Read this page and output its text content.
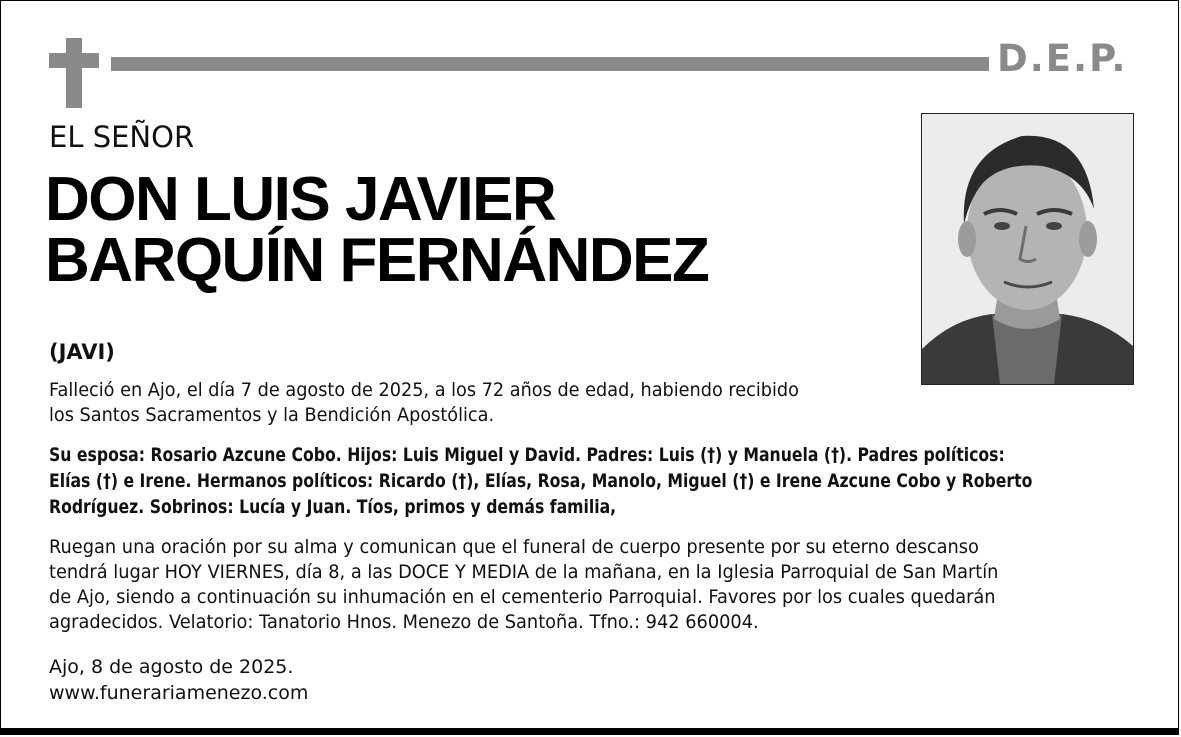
D.E.P.
EL SEÑOR
DON LUIS JAVIER
BARQUÍN FERNÁNDEZ
(JAVI)
Falleció en Ajo, el día 7 de agosto de 2025, a los 72 años de edad, habiendo recibido
los Santos Sacramentos y la Bendición Apostólica.
Su esposa: Rosario Azcune Cobo. Hijos: Luis Miguel y David. Padres: Luis (†) y Manuela (†). Padres políticos:
Elías (†) e Irene. Hermanos políticos: Ricardo (†), Elías, Rosa, Manolo, Miguel (†) e Irene Azcune Cobo y Roberto
Rodríguez. Sobrinos: Lucía y Juan. Tíos, primos y demás familia,
Ruegan una oración por su alma y comunican que el funeral de cuerpo presente por su eterno descanso
tendrá lugar HOY VIERNES, día 8, a las DOCE Y MEDIA de la mañana, en la Iglesia Parroquial de San Martín
de Ajo, siendo a continuación su inhumación en el cementerio Parroquial. Favores por los cuales quedarán
agradecidos. Velatorio: Tanatorio Hnos. Menezo de Santoña. Tfno.: 942 660004.
Ajo, 8 de agosto de 2025.
www.funerariamenezo.com
